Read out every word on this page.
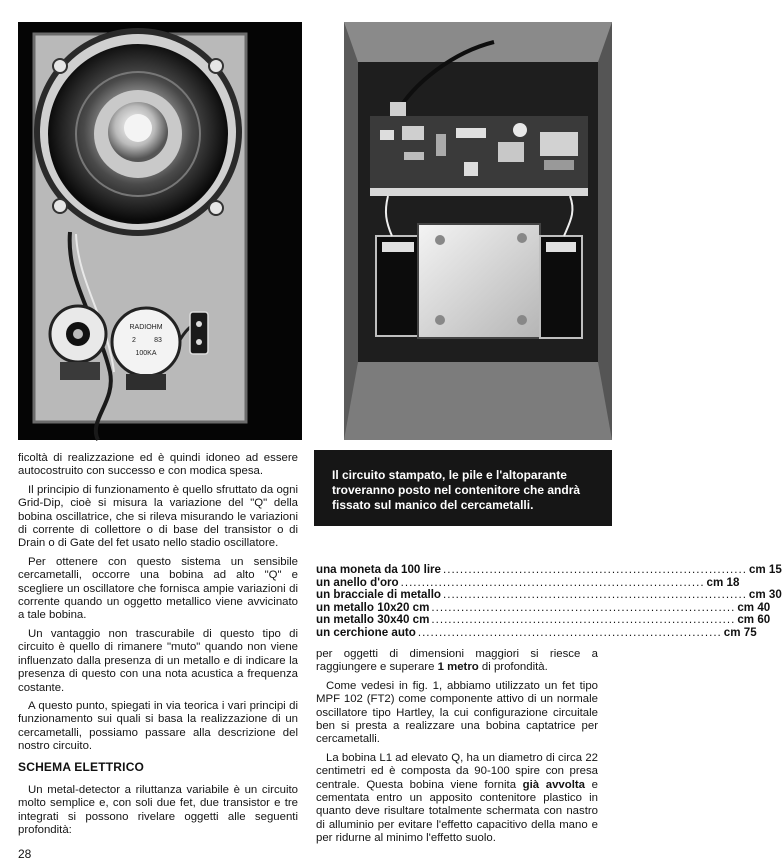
RADIOHM
2	83
100KA
Il circuito stampato, le pile e l'altoparante troveranno posto nel contenitore che andrà fissato sul manico del cercametalli.

ficoltà di realizzazione ed è quindi idoneo ad essere autocostruito con successo e con modica spesa.

Il principio di funzionamento è quello sfruttato da ogni Grid-Dip, cioè si misura la variazione del "Q" della bobina oscillatrice, che si rileva misurando le variazioni di corrente di collettore o di base del transistor o di Drain o di Gate del fet usato nello stadio oscillatore.

Per ottenere con questo sistema un sensibile cercametalli, occorre una bobina ad alto "Q" e scegliere un oscillatore che fornisca ampie variazioni di corrente quando un oggetto metallico viene avvicinato a tale bobina.

Un vantaggio non trascurabile di questo tipo di circuito è quello di rimanere "muto" quando non viene influenzato dalla presenza di un metallo e di indicare la presenza di questo con una nota acustica a frequenza costante.

A questo punto, spiegati in via teorica i vari principi di funzionamento sui quali si basa la realizzazione di un cercametalli, possiamo passare alla descrizione del nostro circuito.

SCHEMA ELETTRICO

Un metal-detector a riluttanza variabile è un circuito molto semplice e, con soli due fet, due transistor e tre integrati si possono rivelare oggetti alle seguenti profondità:

una moneta da 100 lire ........................................................................ cm 15
un anello d'oro ........................................................................ cm 18
un bracciale di metallo ........................................................................ cm 30
un metallo 10x20 cm ........................................................................ cm 40
un metallo 30x40 cm ........................................................................ cm 60
un cerchione auto ........................................................................ cm 75

per oggetti di dimensioni maggiori si riesce a raggiungere e superare 1 metro di profondità.

Come vedesi in fig. 1, abbiamo utilizzato un fet tipo MPF 102 (FT2) come componente attivo di un normale oscillatore tipo Hartley, la cui configurazione circuitale ben si presta a realizzare una bobina captatrice per cercametalli.

La bobina L1 ad elevato Q, ha un diametro di circa 22 centimetri ed è composta da 90-100 spire con presa centrale. Questa bobina viene fornita già avvolta e cementata entro un apposito contenitore plastico in quanto deve risultare totalmente schermata con nastro di alluminio per evitare l'effetto capacitivo della mano e per ridurne al minimo l'effetto suolo.

28
